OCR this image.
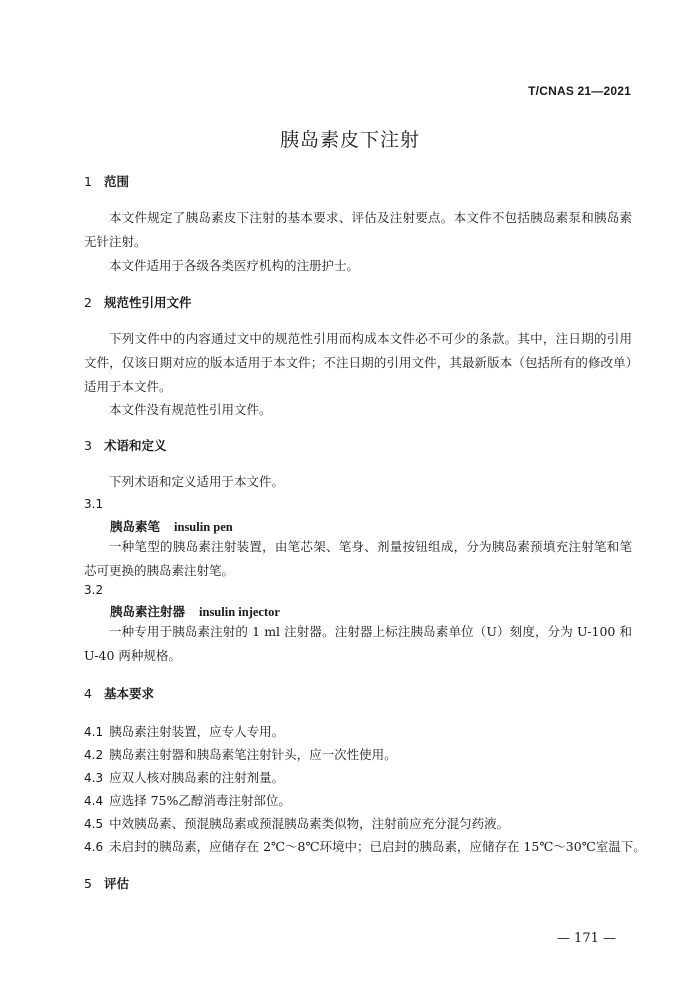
T/CNAS 21—2021
胰岛素皮下注射
1 范围
本文件规定了胰岛素皮下注射的基本要求、评估及注射要点。本文件不包括胰岛素泵和胰岛素无针注射。
本文件适用于各级各类医疗机构的注册护士。
2 规范性引用文件
下列文件中的内容通过文中的规范性引用而构成本文件必不可少的条款。其中，注日期的引用文件，仅该日期对应的版本适用于本文件；不注日期的引用文件，其最新版本（包括所有的修改单）适用于本文件。
本文件没有规范性引用文件。
3 术语和定义
下列术语和定义适用于本文件。
3.1
胰岛素笔 insulin pen
一种笔型的胰岛素注射装置，由笔芯架、笔身、剂量按钮组成，分为胰岛素预填充注射笔和笔芯可更换的胰岛素注射笔。
3.2
胰岛素注射器 insulin injector
一种专用于胰岛素注射的 1 ml 注射器。注射器上标注胰岛素单位（U）刻度，分为 U-100 和 U-40 两种规格。
4 基本要求
4.1 胰岛素注射装置，应专人专用。
4.2 胰岛素注射器和胰岛素笔注射针头，应一次性使用。
4.3 应双人核对胰岛素的注射剂量。
4.4 应选择 75%乙醇消毒注射部位。
4.5 中效胰岛素、预混胰岛素或预混胰岛素类似物，注射前应充分混匀药液。
4.6 未启封的胰岛素，应储存在 2℃～8℃环境中；已启封的胰岛素，应储存在 15℃～30℃室温下。
5 评估
— 171 —
